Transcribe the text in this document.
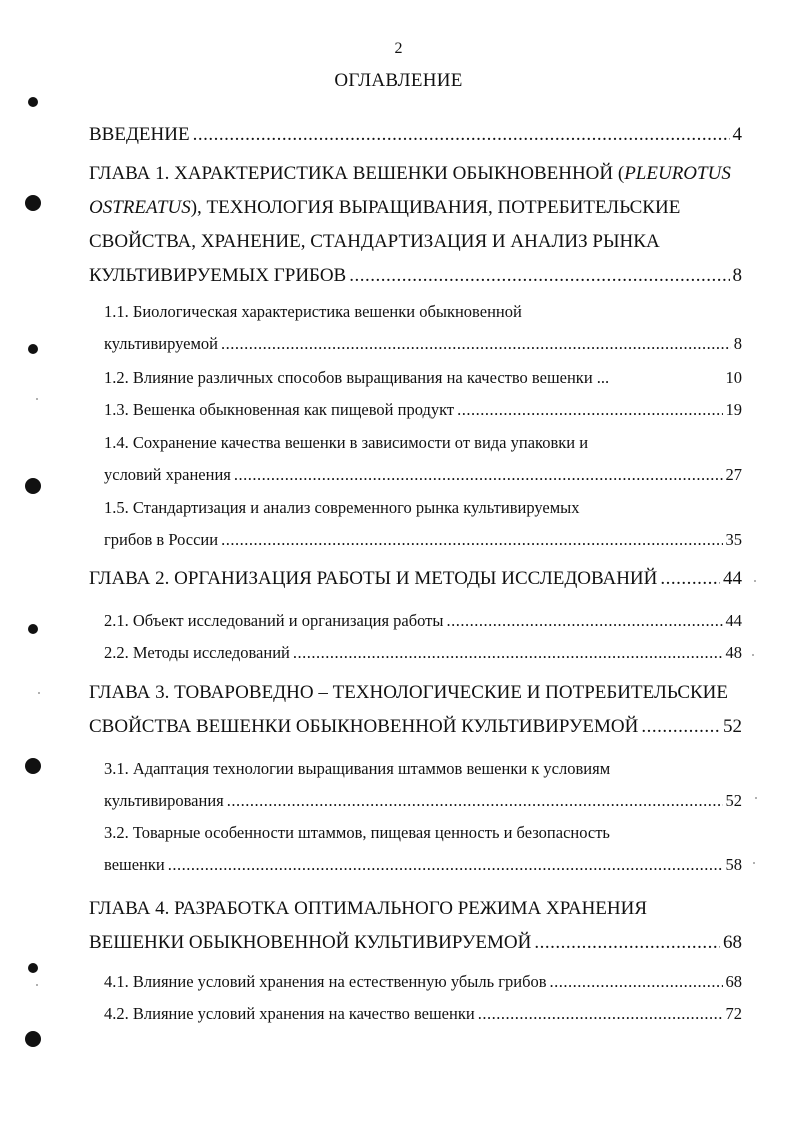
2
ОГЛАВЛЕНИЕ
ВВЕДЕНИЕ .....	4
ГЛАВА 1. ХАРАКТЕРИСТИКА ВЕШЕНКИ ОБЫКНОВЕННОЙ (PLEUROTUS
OSTREATUS), ТЕХНОЛОГИЯ ВЫРАЩИВАНИЯ, ПОТРЕБИТЕЛЬСКИЕ
СВОЙСТВА, ХРАНЕНИЕ, СТАНДАРТИЗАЦИЯ И АНАЛИЗ РЫНКА
КУЛЬТИВИРУЕМЫХ ГРИБОВ .....	8
1.1. Биологическая характеристика вешенки обыкновенной
культивируемой .....	8
1.2. Влияние различных способов выращивания на качество вешенки ...	10
1.3. Вешенка обыкновенная как пищевой продукт .....	19
1.4. Сохранение качества вешенки в зависимости от вида упаковки и
условий хранения .....	27
1.5. Стандартизация и анализ современного рынка культивируемых
грибов в России .....	35
ГЛАВА 2. ОРГАНИЗАЦИЯ РАБОТЫ И МЕТОДЫ ИССЛЕДОВАНИЙ .....	44
2.1. Объект исследований и организация работы .....	44
2.2. Методы исследований .....	48
ГЛАВА 3. ТОВАРОВЕДНО – ТЕХНОЛОГИЧЕСКИЕ И ПОТРЕБИТЕЛЬСКИЕ
СВОЙСТВА ВЕШЕНКИ ОБЫКНОВЕННОЙ КУЛЬТИВИРУЕМОЙ .....	52
3.1. Адаптация технологии выращивания штаммов вешенки к условиям
культивирования .....	52
3.2. Товарные особенности штаммов, пищевая ценность и безопасность
вешенки .....	58
ГЛАВА 4. РАЗРАБОТКА ОПТИМАЛЬНОГО РЕЖИМА ХРАНЕНИЯ
ВЕШЕНКИ ОБЫКНОВЕННОЙ КУЛЬТИВИРУЕМОЙ .....	68
4.1. Влияние условий хранения на естественную убыль грибов .....	68
4.2. Влияние условий хранения на качество вешенки .....	72
